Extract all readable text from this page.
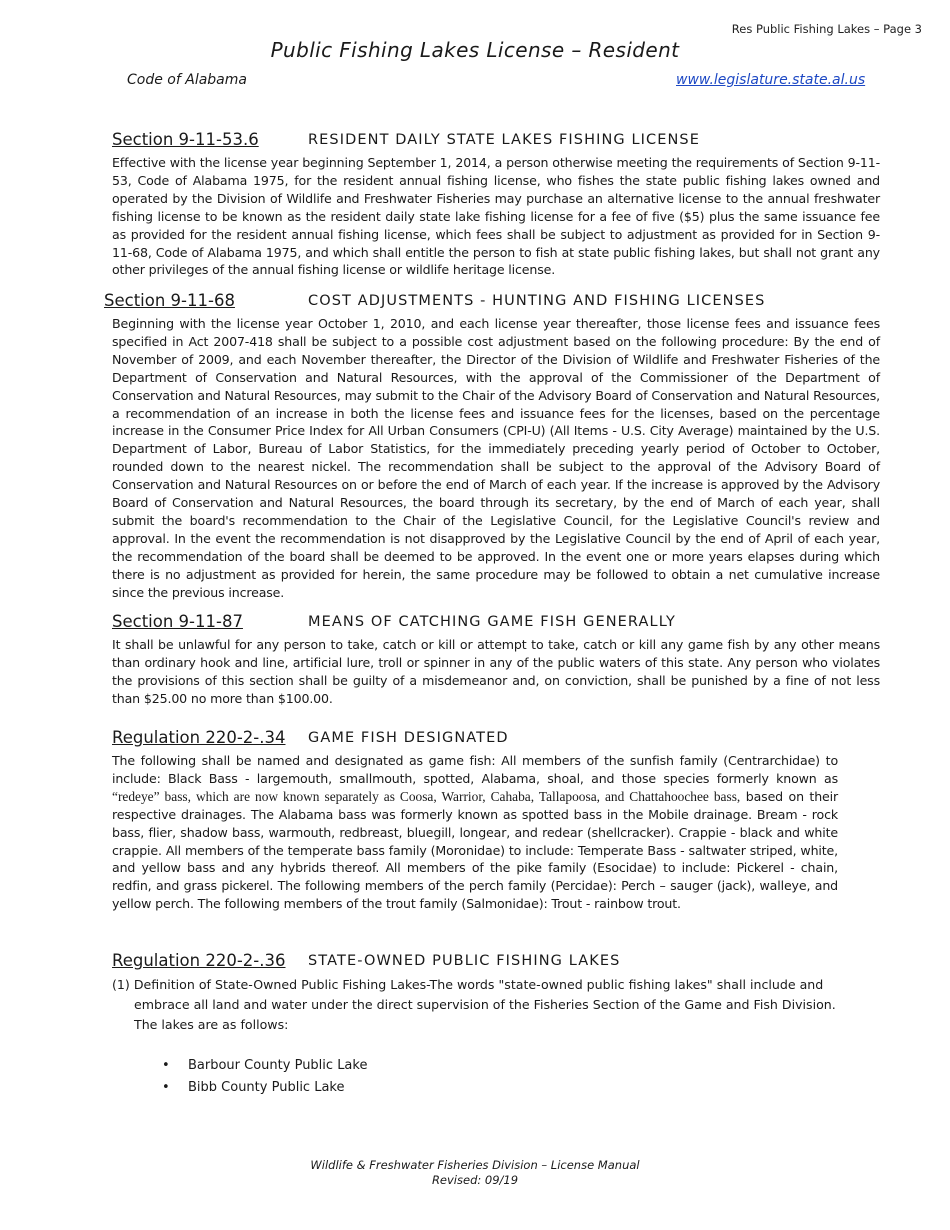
Res Public Fishing Lakes – Page 3
Public Fishing Lakes License – Resident
Code of Alabama	www.legislature.state.al.us
Section 9-11-53.6	RESIDENT DAILY STATE LAKES FISHING LICENSE

Effective with the license year beginning September 1, 2014, a person otherwise meeting the requirements of Section 9-11-53, Code of Alabama 1975, for the resident annual fishing license, who fishes the state public fishing lakes owned and operated by the Division of Wildlife and Freshwater Fisheries may purchase an alternative license to the annual freshwater fishing license to be known as the resident daily state lake fishing license for a fee of five ($5) plus the same issuance fee as provided for the resident annual fishing license, which fees shall be subject to adjustment as provided for in Section 9-11-68, Code of Alabama 1975, and which shall entitle the person to fish at state public fishing lakes, but shall not grant any other privileges of the annual fishing license or wildlife heritage license.

Section 9-11-68	COST ADJUSTMENTS - HUNTING AND FISHING LICENSES

Beginning with the license year October 1, 2010, and each license year thereafter, those license fees and issuance fees specified in Act 2007-418 shall be subject to a possible cost adjustment based on the following procedure: By the end of November of 2009, and each November thereafter, the Director of the Division of Wildlife and Freshwater Fisheries of the Department of Conservation and Natural Resources, with the approval of the Commissioner of the Department of Conservation and Natural Resources, may submit to the Chair of the Advisory Board of Conservation and Natural Resources, a recommendation of an increase in both the license fees and issuance fees for the licenses, based on the percentage increase in the Consumer Price Index for All Urban Consumers (CPI-U) (All Items - U.S. City Average) maintained by the U.S. Department of Labor, Bureau of Labor Statistics, for the immediately preceding yearly period of October to October, rounded down to the nearest nickel. The recommendation shall be subject to the approval of the Advisory Board of Conservation and Natural Resources on or before the end of March of each year. If the increase is approved by the Advisory Board of Conservation and Natural Resources, the board through its secretary, by the end of March of each year, shall submit the board's recommendation to the Chair of the Legislative Council, for the Legislative Council's review and approval. In the event the recommendation is not disapproved by the Legislative Council by the end of April of each year, the recommendation of the board shall be deemed to be approved. In the event one or more years elapses during which there is no adjustment as provided for herein, the same procedure may be followed to obtain a net cumulative increase since the previous increase.

Section 9-11-87	MEANS OF CATCHING GAME FISH GENERALLY

It shall be unlawful for any person to take, catch or kill or attempt to take, catch or kill any game fish by any other means than ordinary hook and line, artificial lure, troll or spinner in any of the public waters of this state. Any person who violates the provisions of this section shall be guilty of a misdemeanor and, on conviction, shall be punished by a fine of not less than $25.00 no more than $100.00.

Regulation 220-2-.34 GAME FISH DESIGNATED

The following shall be named and designated as game fish: All members of the sunfish family (Centrarchidae) to include: Black Bass - largemouth, smallmouth, spotted, Alabama, shoal, and those species formerly known as “redeye” bass, which are now known separately as Coosa, Warrior, Cahaba, Tallapoosa, and Chattahoochee bass, based on their respective drainages. The Alabama bass was formerly known as spotted bass in the Mobile drainage. Bream - rock bass, flier, shadow bass, warmouth, redbreast, bluegill, longear, and redear (shellcracker). Crappie - black and white crappie. All members of the temperate bass family (Moronidae) to include: Temperate Bass - saltwater striped, white, and yellow bass and any hybrids thereof. All members of the pike family (Esocidae) to include: Pickerel - chain, redfin, and grass pickerel. The following members of the perch family (Percidae): Perch – sauger (jack), walleye, and yellow perch. The following members of the trout family (Salmonidae): Trout - rainbow trout.

Regulation 220-2-.36 STATE-OWNED PUBLIC FISHING LAKES

(1) Definition of State-Owned Public Fishing Lakes-The words "state-owned public fishing lakes" shall include and embrace all land and water under the direct supervision of the Fisheries Section of the Game and Fish Division. The lakes are as follows:

• Barbour County Public Lake
• Bibb County Public Lake
Wildlife & Freshwater Fisheries Division – License Manual
Revised: 09/19
